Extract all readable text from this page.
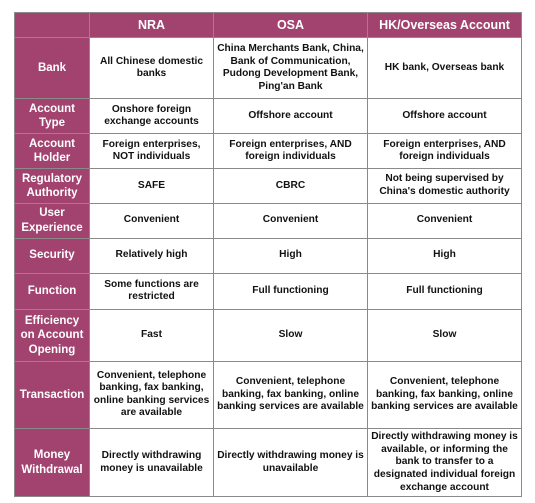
	NRA	OSA	HK/Overseas Account
Bank	All Chinese domestic banks	China Merchants Bank, China, Bank of Communication, Pudong Development Bank, Ping'an Bank	HK bank, Overseas bank
Account Type	Onshore foreign exchange accounts	Offshore account	Offshore account
Account Holder	Foreign enterprises, NOT individuals	Foreign enterprises, AND foreign individuals	Foreign enterprises, AND foreign individuals
Regulatory Authority	SAFE	CBRC	Not being supervised by China's domestic authority
User Experience	Convenient	Convenient	Convenient
Security	Relatively high	High	High
Function	Some functions are restricted	Full functioning	Full functioning
Efficiency on Account Opening	Fast	Slow	Slow
Transaction	Convenient, telephone banking, fax banking, online banking services are available	Convenient, telephone banking, fax banking, online banking services are available	Convenient, telephone banking, fax banking, online banking services are available
Money Withdrawal	Directly withdrawing money is unavailable	Directly withdrawing money is unavailable	Directly withdrawing money is available, or informing the bank to transfer to a designated individual foreign exchange account
